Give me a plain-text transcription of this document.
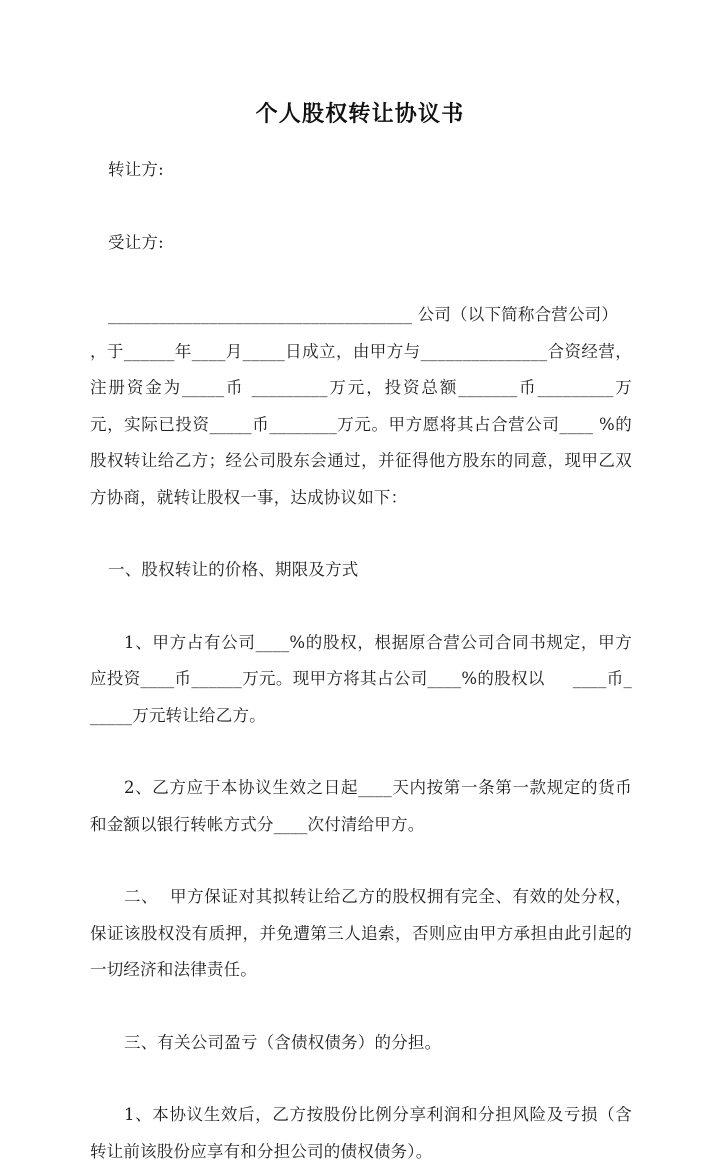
个人股权转让协议书

转让方:

受让方:

____________________________________ 公司（以下简称合营公司）

，于______年____月_____日成立，由甲方与_______________合资经营，注册资金为_____币 _________万元，投资总额_______币_________万元，实际已投资_____币________万元。甲方愿将其占合营公司____ %的股权转让给乙方；经公司股东会通过，并征得他方股东的同意，现甲乙双方协商，就转让股权一事，达成协议如下：

一、股权转让的价格、期限及方式

1、甲方占有公司____%的股权，根据原合营公司合同书规定，甲方应投资____币______万元。现甲方将其占公司____%的股权以     ____币______万元转让给乙方。

2、乙方应于本协议生效之日起____天内按第一条第一款规定的货币和金额以银行转帐方式分____次付清给甲方。

二、  甲方保证对其拟转让给乙方的股权拥有完全、有效的处分权，保证该股权没有质押，并免遭第三人追索，否则应由甲方承担由此引起的一切经济和法律责任。

三、有关公司盈亏（含债权债务）的分担。

1、本协议生效后，乙方按股份比例分享利润和分担风险及亏损（含转让前该股份应享有和分担公司的债权债务）。
